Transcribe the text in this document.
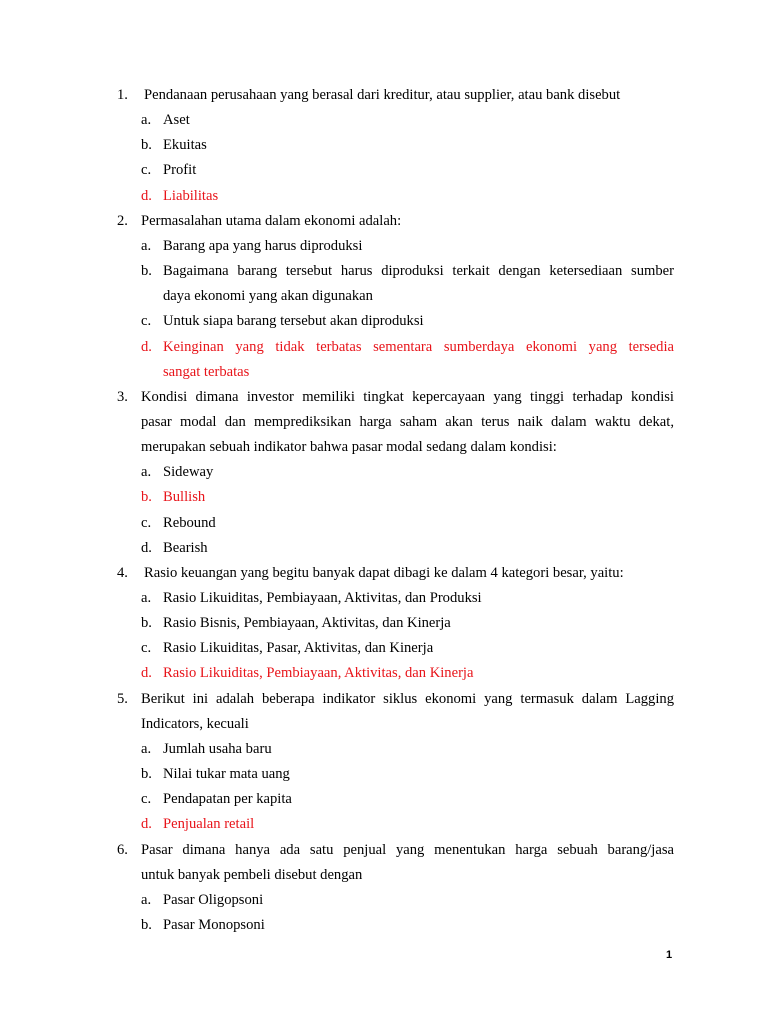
1. Pendanaan perusahaan yang berasal dari kreditur, atau supplier, atau bank disebut
a. Aset
b. Ekuitas
c. Profit
d. Liabilitas
2. Permasalahan utama dalam ekonomi adalah:
a. Barang apa yang harus diproduksi
b. Bagaimana barang tersebut harus diproduksi terkait dengan ketersediaan sumber
daya ekonomi yang akan digunakan
c. Untuk siapa barang tersebut akan diproduksi
d. Keinginan yang tidak terbatas sementara sumberdaya ekonomi yang tersedia
sangat terbatas
3. Kondisi dimana investor memiliki tingkat kepercayaan yang tinggi terhadap kondisi
pasar modal dan memprediksikan harga saham akan terus naik dalam waktu dekat,
merupakan sebuah indikator bahwa pasar modal sedang dalam kondisi:
a. Sideway
b. Bullish
c. Rebound
d. Bearish
4. Rasio keuangan yang begitu banyak dapat dibagi ke dalam 4 kategori besar, yaitu:
a. Rasio Likuiditas, Pembiayaan, Aktivitas, dan Produksi
b. Rasio Bisnis, Pembiayaan, Aktivitas, dan Kinerja
c. Rasio Likuiditas, Pasar, Aktivitas, dan Kinerja
d. Rasio Likuiditas, Pembiayaan, Aktivitas, dan Kinerja
5. Berikut ini adalah beberapa indikator siklus ekonomi yang termasuk dalam Lagging
Indicators, kecuali
a. Jumlah usaha baru
b. Nilai tukar mata uang
c. Pendapatan per kapita
d. Penjualan retail
6. Pasar dimana hanya ada satu penjual yang menentukan harga sebuah barang/jasa
untuk banyak pembeli disebut dengan
a. Pasar Oligopsoni
b. Pasar Monopsoni
1
